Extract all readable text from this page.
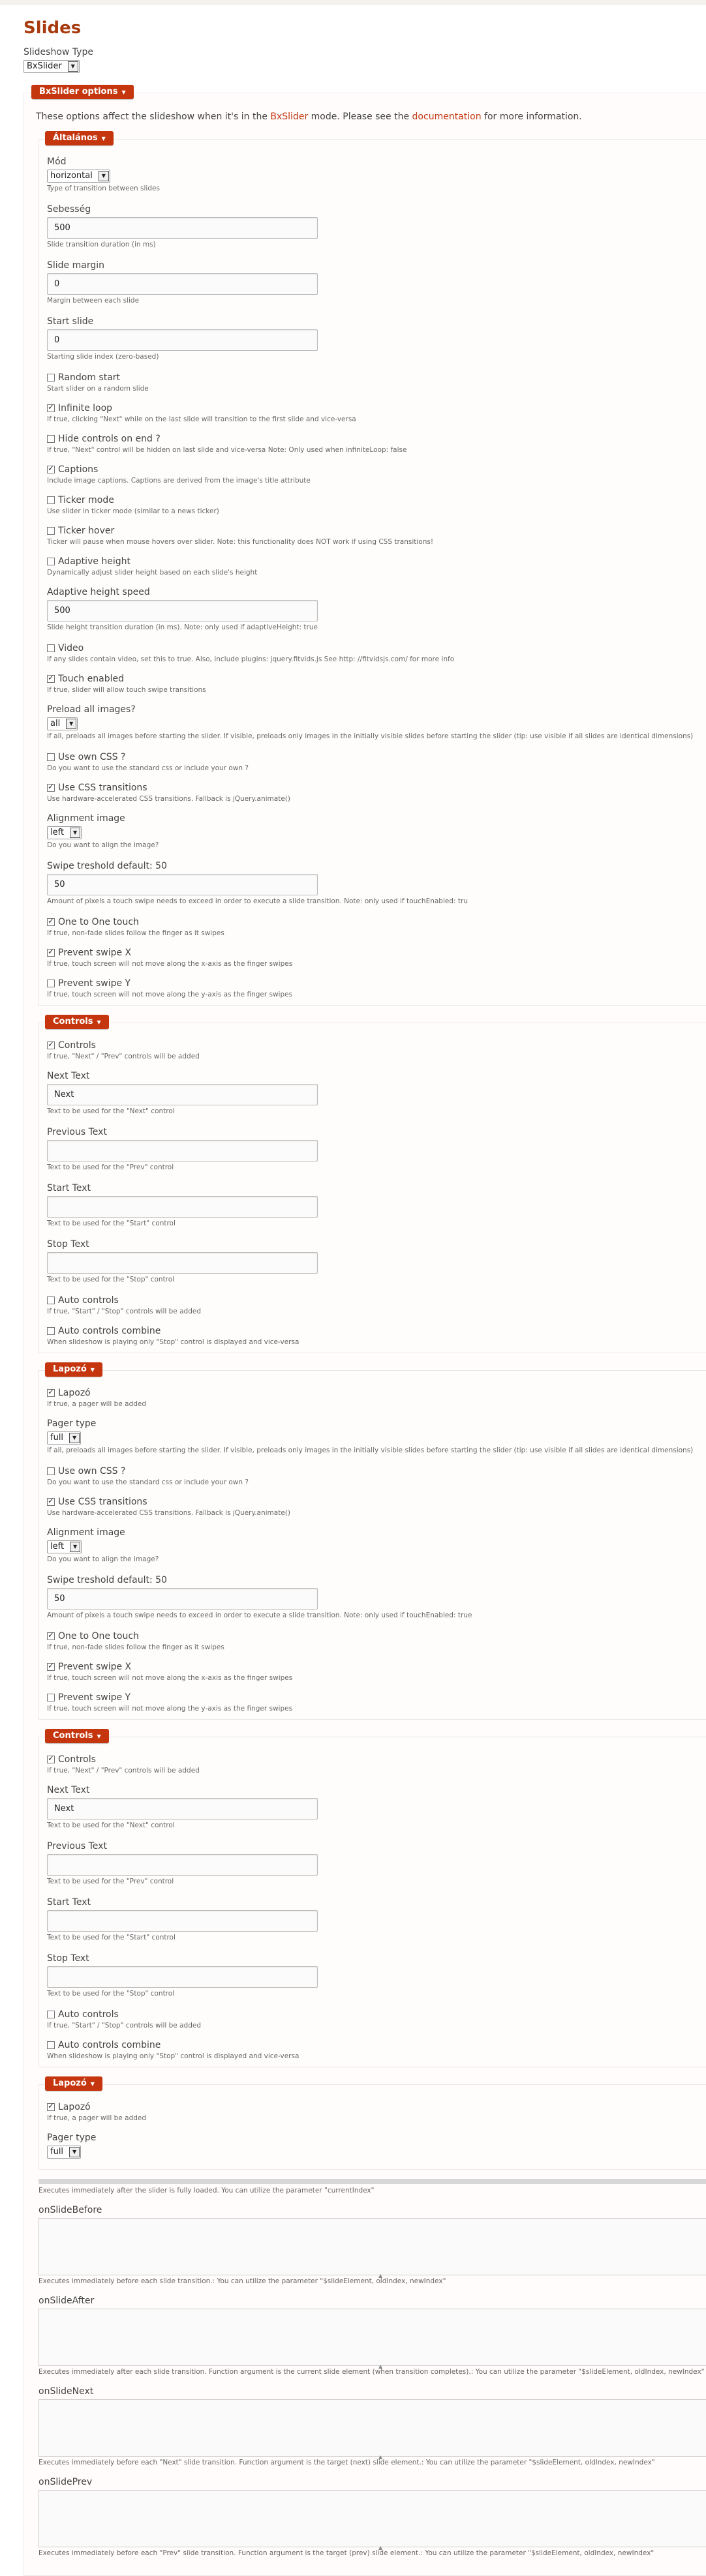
Slides
Slideshow Type
BxSlider	▼
BxSlider options ▼

These options affect the slideshow when it's in the BxSlider mode. Please see the documentation for more information.

Általános ▼
Mód
horizontal	▼
Type of transition between slides
Sebesség
500
Slide transition duration (in ms)
Slide margin
0
Margin between each slide
Start slide
0
Starting slide index (zero-based)
Random start
Start slider on a random slide
✓
Infinite loop
If true, clicking "Next" while on the last slide will transition to the first slide and vice-versa
Hide controls on end ?
If true, "Next" control will be hidden on last slide and vice-versa Note: Only used when infiniteLoop: false
✓
Captions
Include image captions. Captions are derived from the image's title attribute
Ticker mode
Use slider in ticker mode (similar to a news ticker)
Ticker hover
Ticker will pause when mouse hovers over slider. Note: this functionality does NOT work if using CSS transitions!
Adaptive height
Dynamically adjust slider height based on each slide's height
Adaptive height speed
500
Slide height transition duration (in ms). Note: only used if adaptiveHeight: true
Video
If any slides contain video, set this to true. Also, include plugins: jquery.fitvids.js See http: //fitvidsjs.com/ for more info
✓
Touch enabled
If true, slider will allow touch swipe transitions
Preload all images?
all	▼
If all, preloads all images before starting the slider. If visible, preloads only images in the initially visible slides before starting the slider (tip: use visible if all slides are identical dimensions)
Use own CSS ?
Do you want to use the standard css or include your own ?
✓
Use CSS transitions
Use hardware-accelerated CSS transitions. Fallback is jQuery.animate()
Alignment image
left	▼
Do you want to align the image?
Swipe treshold default: 50
50
Amount of pixels a touch swipe needs to exceed in order to execute a slide transition. Note: only used if touchEnabled: tru
✓
One to One touch
If true, non-fade slides follow the finger as it swipes
✓
Prevent swipe X
If true, touch screen will not move along the x-axis as the finger swipes
Prevent swipe Y
If true, touch screen will not move along the y-axis as the finger swipes
Controls ▼
✓
Controls
If true, "Next" / "Prev" controls will be added
Next Text
Next
Text to be used for the "Next" control
Previous Text
Text to be used for the "Prev" control
Start Text
Text to be used for the "Start" control
Stop Text
Text to be used for the "Stop" control
Auto controls
If true, "Start" / "Stop" controls will be added
Auto controls combine
When slideshow is playing only "Stop" control is displayed and vice-versa
Lapozó ▼
✓
Lapozó
If true, a pager will be added
Pager type
full	▼
If all, preloads all images before starting the slider. If visible, preloads only images in the initially visible slides before starting the slider (tip: use visible if all slides are identical dimensions)
Use own CSS ?
Do you want to use the standard css or include your own ?
✓
Use CSS transitions
Use hardware-accelerated CSS transitions. Fallback is jQuery.animate()
Alignment image
left	▼
Do you want to align the image?
Swipe treshold default: 50
50
Amount of pixels a touch swipe needs to exceed in order to execute a slide transition. Note: only used if touchEnabled: true
✓
One to One touch
If true, non-fade slides follow the finger as it swipes
✓
Prevent swipe X
If true, touch screen will not move along the x-axis as the finger swipes
Prevent swipe Y
If true, touch screen will not move along the y-axis as the finger swipes
Controls ▼
✓
Controls
If true, "Next" / "Prev" controls will be added
Next Text
Next
Text to be used for the "Next" control
Previous Text
Text to be used for the "Prev" control
Start Text
Text to be used for the "Start" control
Stop Text
Text to be used for the "Stop" control
Auto controls
If true, "Start" / "Stop" controls will be added
Auto controls combine
When slideshow is playing only "Stop" control is displayed and vice-versa
Lapozó ▼
✓
Lapozó
If true, a pager will be added
Pager type
full	▼
Executes immediately after the slider is fully loaded. You can utilize the parameter "currentIndex"
onSlideBefore
▲
Executes immediately before each slide transition.: You can utilize the parameter "$slideElement, oldIndex, newIndex"
onSlideAfter
▲
Executes immediately after each slide transition. Function argument is the current slide element (when transition completes).: You can utilize the parameter "$slideElement, oldIndex, newIndex"
onSlideNext
▲
Executes immediately before each "Next" slide transition. Function argument is the target (next) slide element.: You can utilize the parameter "$slideElement, oldIndex, newIndex"
onSlidePrev
▲
Executes immediately before each "Prev" slide transition. Function argument is the target (prev) slide element.: You can utilize the parameter "$slideElement, oldIndex, newIndex"
